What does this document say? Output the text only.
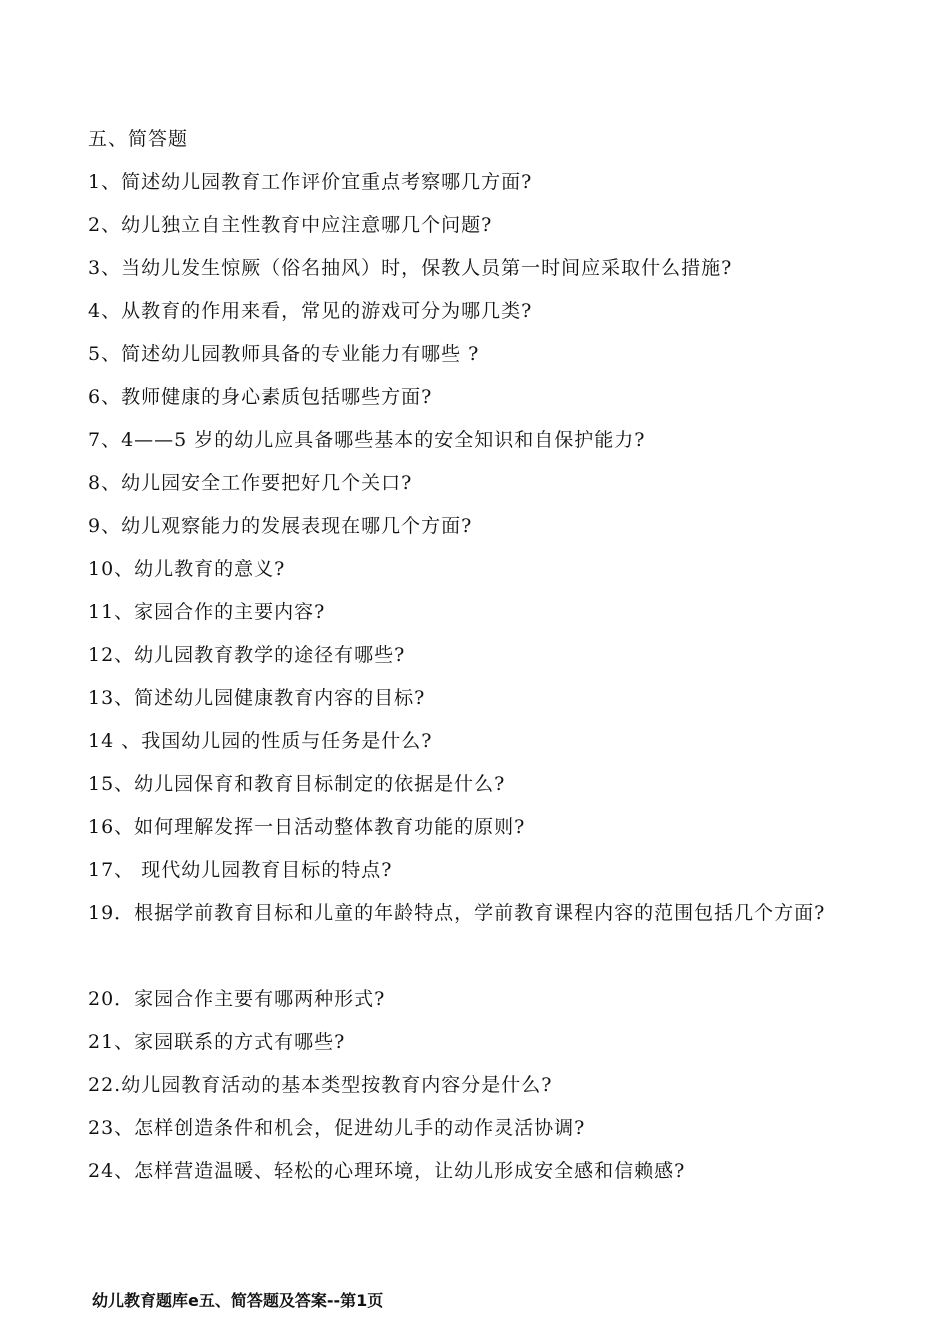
五、简答题
1、简述幼儿园教育工作评价宜重点考察哪几方面?
2、幼儿独立自主性教育中应注意哪几个问题?
3、当幼儿发生惊厥（俗名抽风）时，保教人员第一时间应采取什么措施?
4、从教育的作用来看，常见的游戏可分为哪几类?
5、简述幼儿园教师具备的专业能力有哪些 ?
6、教师健康的身心素质包括哪些方面?
7、4——5 岁的幼儿应具备哪些基本的安全知识和自保护能力?
8、幼儿园安全工作要把好几个关口?
9、幼儿观察能力的发展表现在哪几个方面?
10、幼儿教育的意义?
11、家园合作的主要内容?
12、幼儿园教育教学的途径有哪些?
13、简述幼儿园健康教育内容的目标?
14 、我国幼儿园的性质与任务是什么?
15、幼儿园保育和教育目标制定的依据是什么?
16、如何理解发挥一日活动整体教育功能的原则?
17、 现代幼儿园教育目标的特点?
19．根据学前教育目标和儿童的年龄特点，学前教育课程内容的范围包括几个方面?
20．家园合作主要有哪两种形式?
21、家园联系的方式有哪些?
22.幼儿园教育活动的基本类型按教育内容分是什么?
23、怎样创造条件和机会，促进幼儿手的动作灵活协调?
24、怎样营造温暖、轻松的心理环境，让幼儿形成安全感和信赖感?
幼儿教育题库e五、简答题及答案--第1页
